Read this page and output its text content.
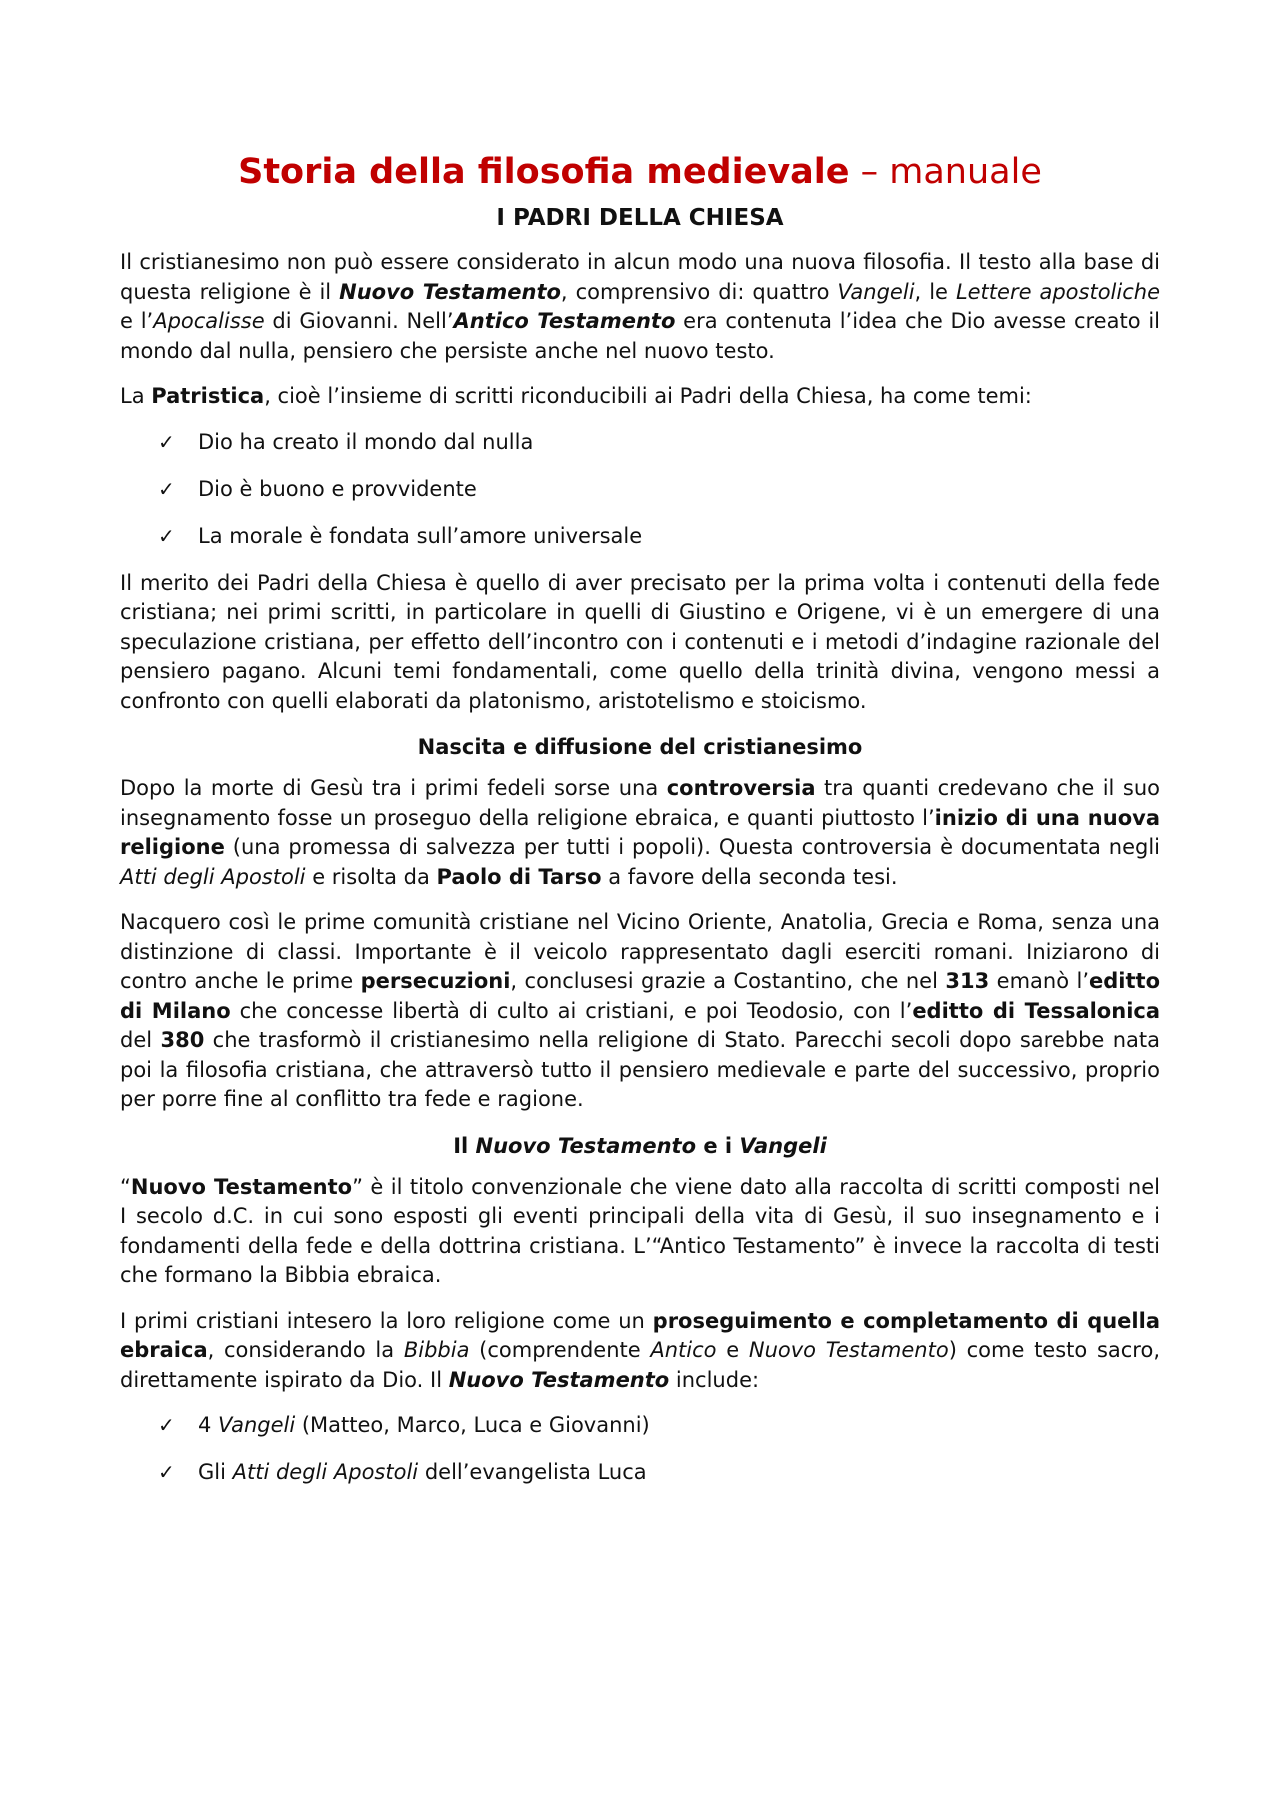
Storia della filosofia medievale – manuale
I PADRI DELLA CHIESA

Il cristianesimo non può essere considerato in alcun modo una nuova filosofia. Il testo alla base di questa religione è il Nuovo Testamento, comprensivo di: quattro Vangeli, le Lettere apostoliche e l’Apocalisse di Giovanni. Nell’Antico Testamento era contenuta l’idea che Dio avesse creato il mondo dal nulla, pensiero che persiste anche nel nuovo testo.

La Patristica, cioè l’insieme di scritti riconducibili ai Padri della Chiesa, ha come temi:

✓	Dio ha creato il mondo dal nulla
✓	Dio è buono e provvidente
✓	La morale è fondata sull’amore universale

Il merito dei Padri della Chiesa è quello di aver precisato per la prima volta i contenuti della fede cristiana; nei primi scritti, in particolare in quelli di Giustino e Origene, vi è un emergere di una speculazione cristiana, per effetto dell’incontro con i contenuti e i metodi d’indagine razionale del pensiero pagano. Alcuni temi fondamentali, come quello della trinità divina, vengono messi a confronto con quelli elaborati da platonismo, aristotelismo e stoicismo.

Nascita e diffusione del cristianesimo

Dopo la morte di Gesù tra i primi fedeli sorse una controversia tra quanti credevano che il suo insegnamento fosse un proseguo della religione ebraica, e quanti piuttosto l’inizio di una nuova religione (una promessa di salvezza per tutti i popoli). Questa controversia è documentata negli Atti degli Apostoli e risolta da Paolo di Tarso a favore della seconda tesi.

Nacquero così le prime comunità cristiane nel Vicino Oriente, Anatolia, Grecia e Roma, senza una distinzione di classi. Importante è il veicolo rappresentato dagli eserciti romani. Iniziarono di contro anche le prime persecuzioni, conclusesi grazie a Costantino, che nel 313 emanò l’editto di Milano che concesse libertà di culto ai cristiani, e poi Teodosio, con l’editto di Tessalonica del 380 che trasformò il cristianesimo nella religione di Stato. Parecchi secoli dopo sarebbe nata poi la filosofia cristiana, che attraversò tutto il pensiero medievale e parte del successivo, proprio per porre fine al conflitto tra fede e ragione.

Il Nuovo Testamento e i Vangeli

“Nuovo Testamento” è il titolo convenzionale che viene dato alla raccolta di scritti composti nel I secolo d.C. in cui sono esposti gli eventi principali della vita di Gesù, il suo insegnamento e i fondamenti della fede e della dottrina cristiana. L’“Antico Testamento” è invece la raccolta di testi che formano la Bibbia ebraica.

I primi cristiani intesero la loro religione come un proseguimento e completamento di quella ebraica, considerando la Bibbia (comprendente Antico e Nuovo Testamento) come testo sacro, direttamente ispirato da Dio. Il Nuovo Testamento include:

✓	4 Vangeli (Matteo, Marco, Luca e Giovanni)
✓	Gli Atti degli Apostoli dell’evangelista Luca
